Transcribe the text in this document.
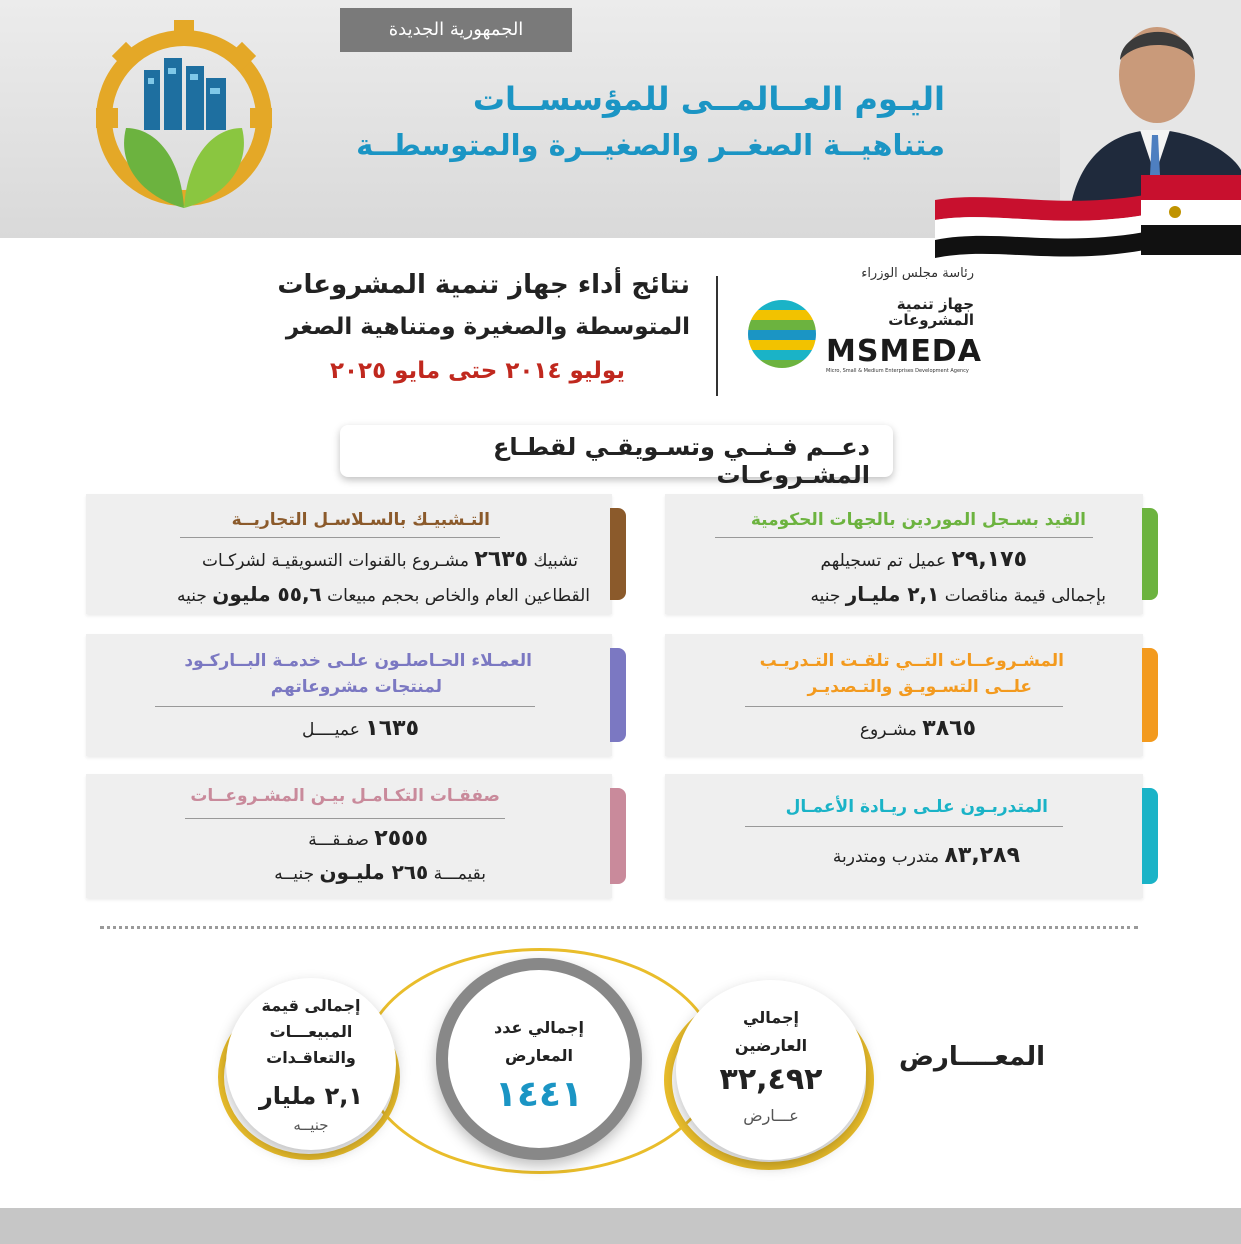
الجمهورية الجديدة
اليـوم العــالمــى للمؤسســات
متناهيــة الصغــر والصغيــرة والمتوسطــة
رئاسة مجلس الوزراء
جهاز تنمية المشروعات
MSMEDA
Micro, Small & Medium Enterprises Development Agency
نتائج أداء جهاز تنمية المشروعات
المتوسطة والصغيرة ومتناهية الصغر
يوليو ٢٠١٤ حتى مايو ٢٠٢٥
دعــم فـنــي وتسـويقـي لقطـاع المشـروعـات
القيد بسـجل الموردين بالجهات الحكومية
٢٩,١٧٥ عميل تم تسجيلهم
بإجمالى قيمة مناقصات ٢,١ مليـار جنيه
التـشبيـك بالسـلاسـل التجاريــة
تشبيك ٢٦٣٥ مشـروع بالقنوات التسويقيـة لشركـات
القطاعين العام والخاص بحجم مبيعات ٥٥,٦ مليون جنيه
المشـروعــات التــي تلقـت التـدريـب
علــى التسـويـق والتـصديـر
٣٨٦٥ مشـروع
العمـلاء الحـاصلـون علـى خدمـة البــاركـود
لمنتجات مشروعاتهم
١٦٣٥ عميــــل
المتدربـون علـى ريـادة الأعمـال
٨٣,٢٨٩ متدرب ومتدربة
صفقـات التكـامـل بيـن المشـروعــات
٢٥٥٥ صفـقـــة
بقيمـــة ٢٦٥ مليـون جنيــه
المعــــارض
إجمالي
العارضين
٣٢,٤٩٢
عـــارض
إجمالي عدد
المعارض
١٤٤١
إجمالى قيمة
المبيعـــات
والتعاقـدات
٢,١ مليار
جنيــه
